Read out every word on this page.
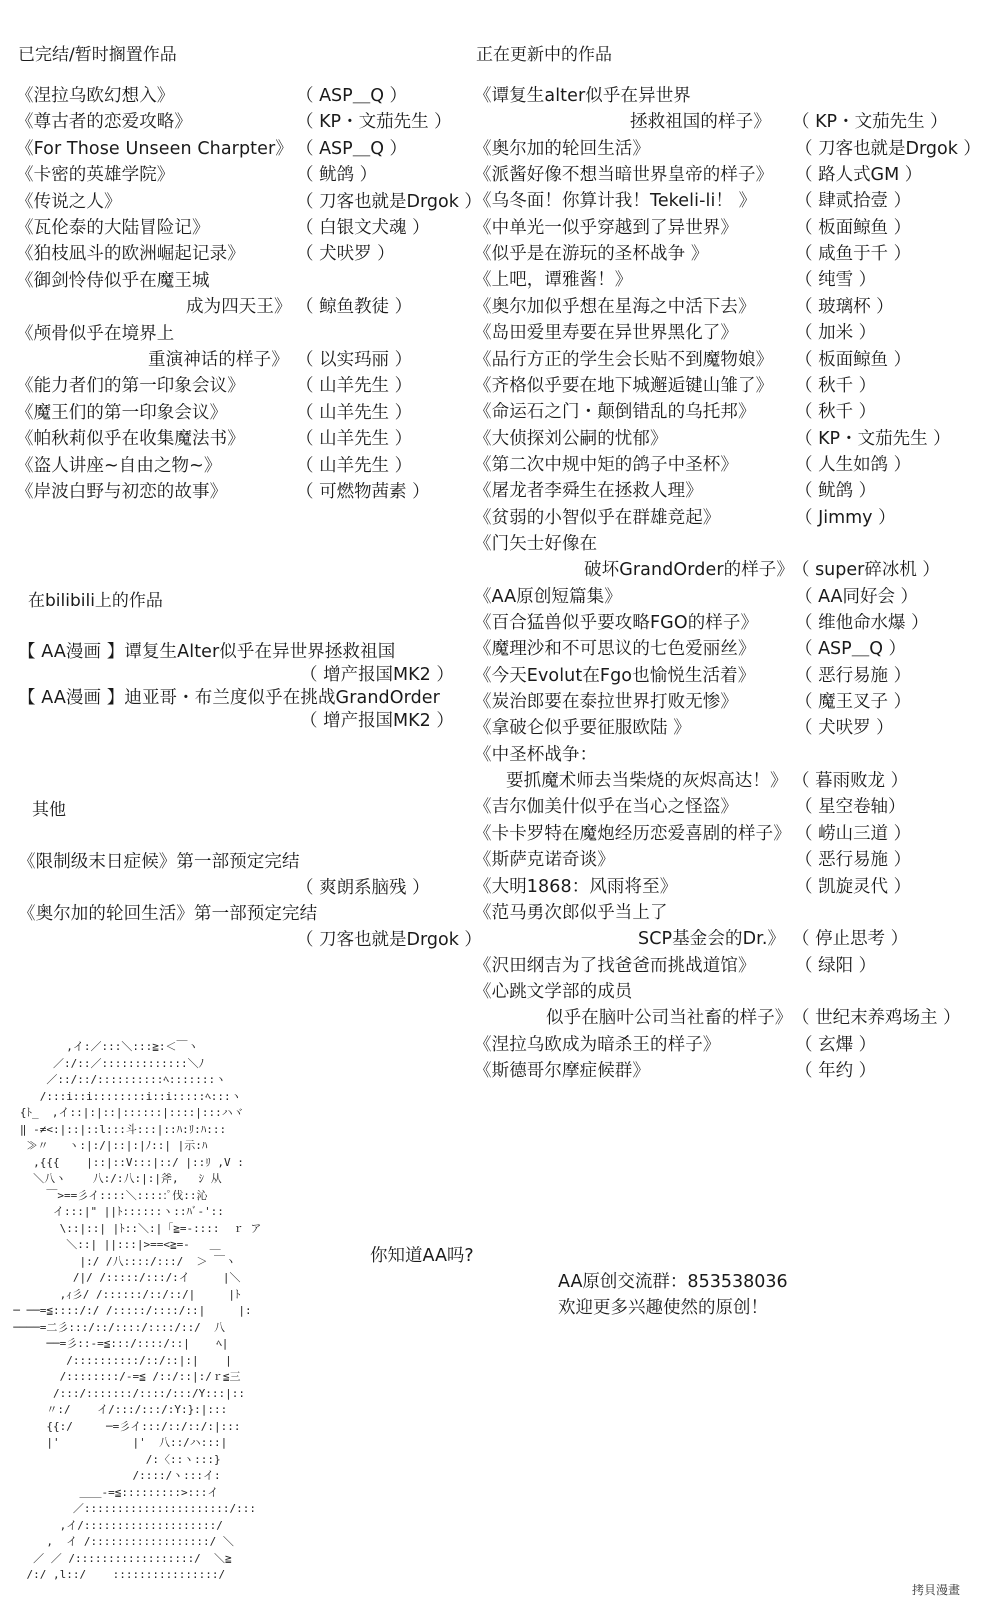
已完结/暂时搁置作品
《涅拉乌欧幻想入》	（ ASP＿Q ）
《尊古者的恋爱攻略》	（ KP・文茄先生 ）
《For Those Unseen Charpter》 （ ASP＿Q ）
《卡密的英雄学院》	（ 鱿鸽 ）
《传说之人》	（ 刀客也就是Drgok ）
《瓦伦泰的大陆冒险记》	（ 白银文犬魂 ）
《狛枝凪斗的欧洲崛起记录》	（ 犬吠罗 ）
《御剑怜侍似乎在魔王城
成为四天王》 （ 鲸鱼教徒 ）
《颅骨似乎在境界上
重演神话的样子》 （ 以实玛丽 ）
《能力者们的第一印象会议》	（ 山羊先生 ）
《魔王们的第一印象会议》	（ 山羊先生 ）
《帕秋莉似乎在收集魔法书》	（ 山羊先生 ）
《盗人讲座~自由之物~》	（ 山羊先生 ）
《岸波白野与初恋的故事》	（ 可燃物茜素 ）
在bilibili上的作品
【 AA漫画 】谭复生Alter似乎在异世界拯救祖国
（ 增产报国MK2 ）
【 AA漫画 】迪亚哥・布兰度似乎在挑战GrandOrder
（ 增产报国MK2 ）
其他
《限制级末日症候》第一部预定完结
（ 爽朗系脑残 ）
《奥尔加的轮回生活》第一部预定完结
（ 刀客也就是Drgok ）
正在更新中的作品
《谭复生alter似乎在异世界
拯救祖国的样子》 （ KP・文茄先生 ）
《奥尔加的轮回生活》	（ 刀客也就是Drgok ）
《派酱好像不想当暗世界皇帝的样子》 （ 路人式GM ）
《乌冬面！你算计我！Tekeli-li！ 》 （ 肆贰拾壹 ）
《中单光一似乎穿越到了异世界》	（ 板面鲸鱼 ）
《似乎是在游玩的圣杯战争 》	（ 咸鱼于千 ）
《上吧，谭雅酱！》	（ 纯雪 ）
《奥尔加似乎想在星海之中活下去》 （ 玻璃杯 ）
《岛田爱里寿要在异世界黑化了》	（ 加米 ）
《品行方正的学生会长贴不到魔物娘》 （ 板面鲸鱼 ）
《齐格似乎要在地下城邂逅键山雏了》 （ 秋千 ）
《命运石之门・颠倒错乱的乌托邦》 （ 秋千 ）
《大侦探刘公嗣的忧郁》	（ KP・文茄先生 ）
《第二次中规中矩的鸽子中圣杯》	（ 人生如鸽 ）
《屠龙者李舜生在拯救人理》	（ 鱿鸽 ）
《贫弱的小智似乎在群雄竞起》	（ Jimmy ）
《门矢士好像在
破坏GrandOrder的样子》
（ super碎冰机 ）
《AA原创短篇集》	（ AA同好会 ）
《百合猛兽似乎要攻略FGO的样子》 （ 维他命水爆 ）
《魔理沙和不可思议的七色爱丽丝》 （ ASP＿Q ）
《今天Evolut在Fgo也愉悦生活着》 （ 恶行易施 ）
《炭治郎要在泰拉世界打败无惨》	（ 魔王叉子 ）
《拿破仑似乎要征服欧陆 》	（ 犬吠罗 ）
《中圣杯战争：
要抓魔术师去当柴烧的灰烬高达！》 （ 暮雨败龙 ）
《吉尔伽美什似乎在当心之怪盗》	（ 星空卷轴）
《卡卡罗特在魔炮经历恋爱喜剧的样子》 （ 崂山三道 ）
《斯萨克诺奇谈》	（ 恶行易施 ）
《大明1868：风雨将至》	（ 凯旋灵代 ）
《范马勇次郎似乎当上了
SCP基金会的Dr.》 （ 停止思考 ）
《沢田纲吉为了找爸爸而挑战道馆》 （ 绿阳 ）
《心跳文学部的成员
似乎在脑叶公司当社畜的样子》 （ 世纪末养鸡场主 ）
《涅拉乌欧成为暗杀王的样子》	（ 玄熚 ）
《斯德哥尔摩症候群》	（ 年约 ）
,イ:／:::＼:::≧:＜￣ヽ
／:/::／:::::::::::::＼ﾉ
／::/::/::::::::::ﾍ:::::::ヽ
/:::i::i::::::::i::i:::::ﾍ:::ヽ
{ﾄ_  ,イ::|:|::|::::::|::::|:::ハヾ
‖ -≠<:|::|::l:::斗:::|::ﾊ:ﾘ:ﾊ:::
≫〃   ヽ:|:/|::|:|ﾉ::| |示:ﾊ
,{{{    |::|::V:::|::/ |::ﾘ ,V :
＼八ヽ    八:/:八:|:|斧,   ｼ 从
￣>==彡イ::::＼:::::ﾟ伐::沁
イ:::|" ||ﾄ::::::ヽ::ﾊﾞ-'::
\::|::| |ﾄ::＼:|「≧=-::::  ｒ ア
＼::| ||:::|>==<≧=-   ＿
|:/ /八::::/:::/  ＞ ￣ヽ
/|/ /:::::/:::/:イ     |＼
,ｨ彡/ /::::::/::/::/|     |ﾄ
─ ──=≦::::/:/ /:::::/::::/::|     |:
────=二彡:::/::/::::/::::/::/  八
──=彡::-=≦:::/::::/::|    ﾍ|
/::::::::::/::/::|:|    |
/::::::::/-=≦ /::/::|:/ｒ≦三
/:::/:::::::/::::/:::/Y:::|::
〃:/    イ/:::/:::/:Y:}:|:::
{{:/     ─=彡イ:::/::/::/:|:::
|'           |'  八::/ハ:::|
/:〈::ヽ:::}
/::::/ヽ:::イ:
＿＿-=≦:::::::::>:::イ
／::::::::::::::::::::::/:::
,イ/::::::::::::::::::::/
,  イ /::::::::::::::::::/ ＼
／ ／ /::::::::::::::::::/  ＼≧
/:/ ,l::/    ::::::::::::::::/
你知道AA吗?
AA原创交流群：853538036
欢迎更多兴趣使然的原创！
拷貝漫畫
